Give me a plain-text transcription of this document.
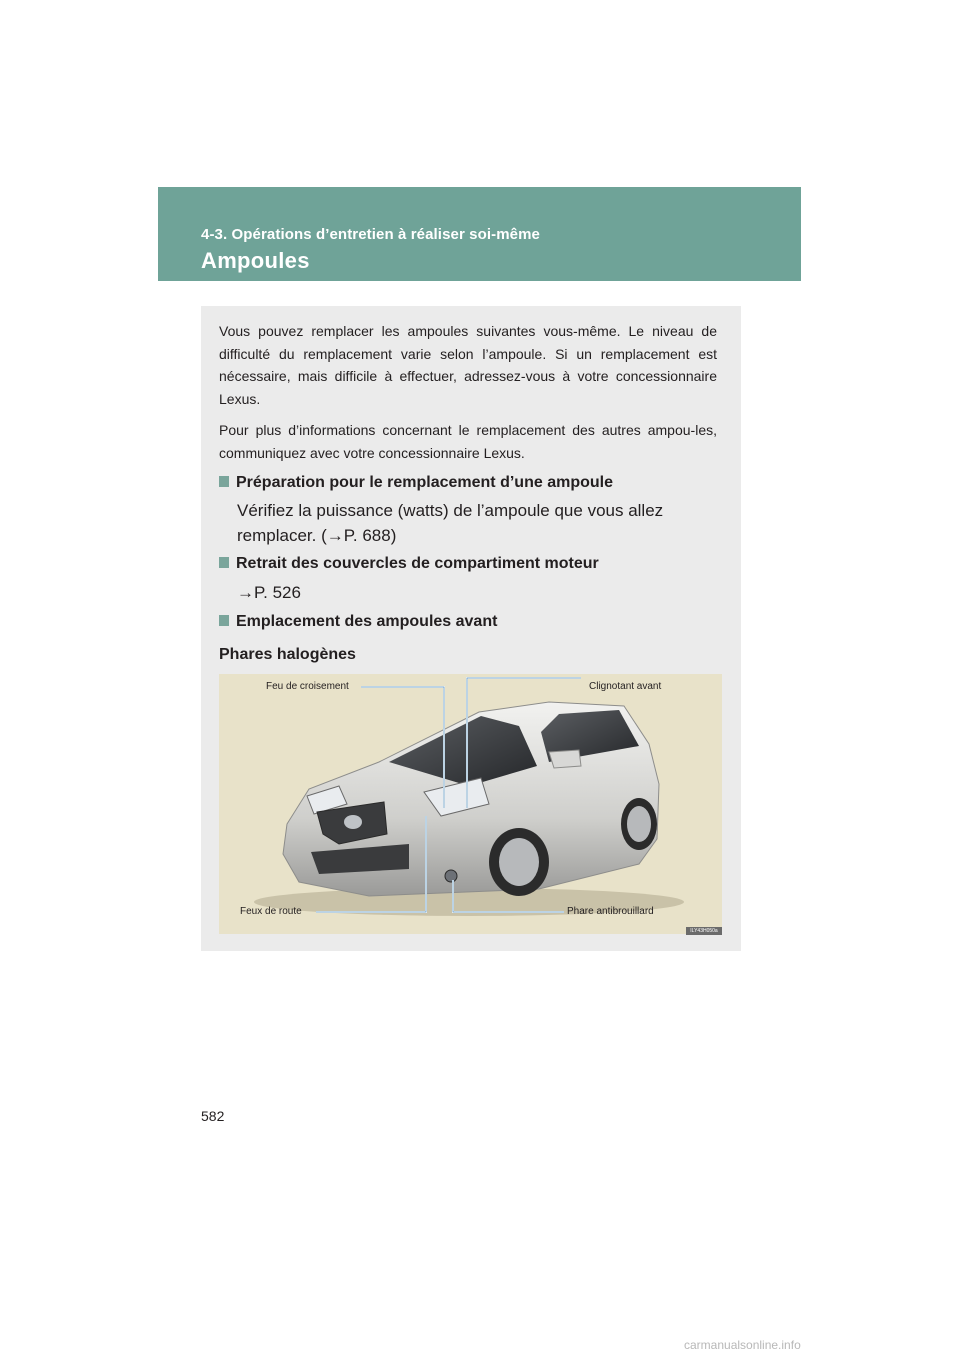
4-3. Opérations d’entretien à réaliser soi-même
Ampoules
Vous pouvez remplacer les ampoules suivantes vous-même. Le niveau de difficulté du remplacement varie selon l’ampoule. Si un remplacement est nécessaire, mais difficile à effectuer, adressez-vous à votre concessionnaire Lexus.
Pour plus d’informations concernant le remplacement des autres ampou-les, communiquez avec votre concessionnaire Lexus.
Préparation pour le remplacement d’une ampoule
Vérifiez la puissance (watts) de l’ampoule que vous allez remplacer. (→P. 688)
Retrait des couvercles de compartiment moteur
→P. 526
Emplacement des ampoules avant
Phares halogènes
Feu de croisement	Clignotant avant
Feux de route	Phare antibrouillard
ILY43H050a
582
carmanualsonline.info
